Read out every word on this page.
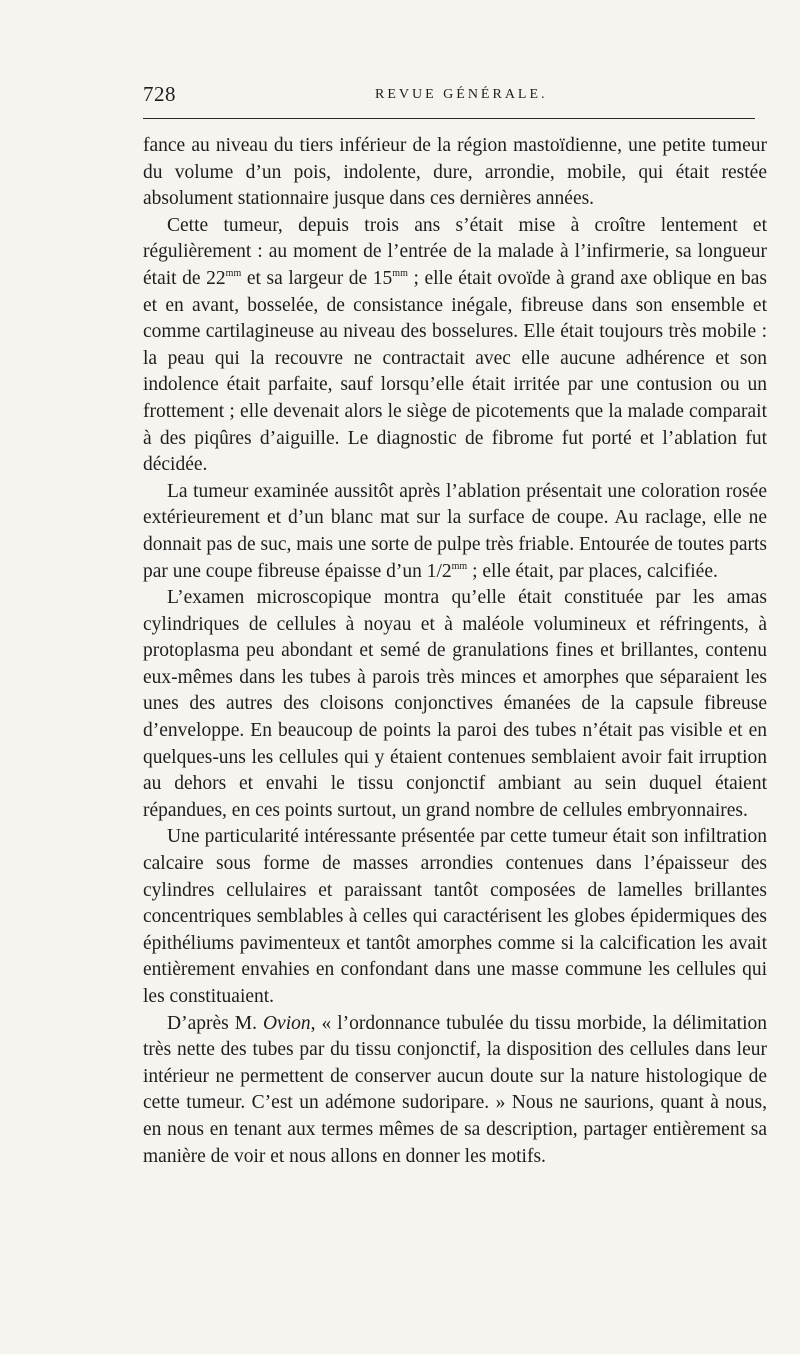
728	REVUE GÉNÉRALE.

fance au niveau du tiers inférieur de la région mastoïdienne, une petite tumeur du volume d’un pois, indolente, dure, arrondie, mobile, qui était restée absolument stationnaire jusque dans ces dernières années.

Cette tumeur, depuis trois ans s’était mise à croître lentement et régulièrement : au moment de l’entrée de la malade à l’infirmerie, sa longueur était de $22^{mm}$ et sa largeur de $15^{mm}$ ; elle était ovoïde à grand axe oblique en bas et en avant, bosselée, de consistance inégale, fibreuse dans son ensemble et comme cartilagineuse au niveau des bosselures. Elle était toujours très mobile : la peau qui la recouvre ne contractait avec elle aucune adhérence et son indolence était parfaite, sauf lorsqu’elle était irritée par une contusion ou un frottement ; elle devenait alors le siège de picotements que la malade comparait à des piqûres d’aiguille. Le diagnostic de fibrome fut porté et l’ablation fut décidée.

La tumeur examinée aussitôt après l’ablation présentait une coloration rosée extérieurement et d’un blanc mat sur la surface de coupe. Au raclage, elle ne donnait pas de suc, mais une sorte de pulpe très friable. Entourée de toutes parts par une coupe fibreuse épaisse d’un $1/2^{mm}$ ; elle était, par places, calcifiée.

L’examen microscopique montra qu’elle était constituée par les amas cylindriques de cellules à noyau et à maléole volumineux et réfringents, à protoplasma peu abondant et semé de granulations fines et brillantes, contenu eux-mêmes dans les tubes à parois très minces et amorphes que séparaient les unes des autres des cloisons conjonctives émanées de la capsule fibreuse d’enveloppe. En beaucoup de points la paroi des tubes n’était pas visible et en quelques-uns les cellules qui y étaient contenues semblaient avoir fait irruption au dehors et envahi le tissu conjonctif ambiant au sein duquel étaient répandues, en ces points surtout, un grand nombre de cellules embryonnaires.

Une particularité intéressante présentée par cette tumeur était son infiltration calcaire sous forme de masses arrondies contenues dans l’épaisseur des cylindres cellulaires et paraissant tantôt composées de lamelles brillantes concentriques semblables à celles qui caractérisent les globes épidermiques des épithéliums pavimenteux et tantôt amorphes comme si la calcification les avait entièrement envahies en confondant dans une masse commune les cellules qui les constituaient.

D’après M. Ovion, « l’ordonnance tubulée du tissu morbide, la délimitation très nette des tubes par du tissu conjonctif, la disposition des cellules dans leur intérieur ne permettent de conserver aucun doute sur la nature histologique de cette tumeur. C’est un adémone sudoripare. » Nous ne saurions, quant à nous, en nous en tenant aux termes mêmes de sa description, partager entièrement sa manière de voir et nous allons en donner les motifs.
